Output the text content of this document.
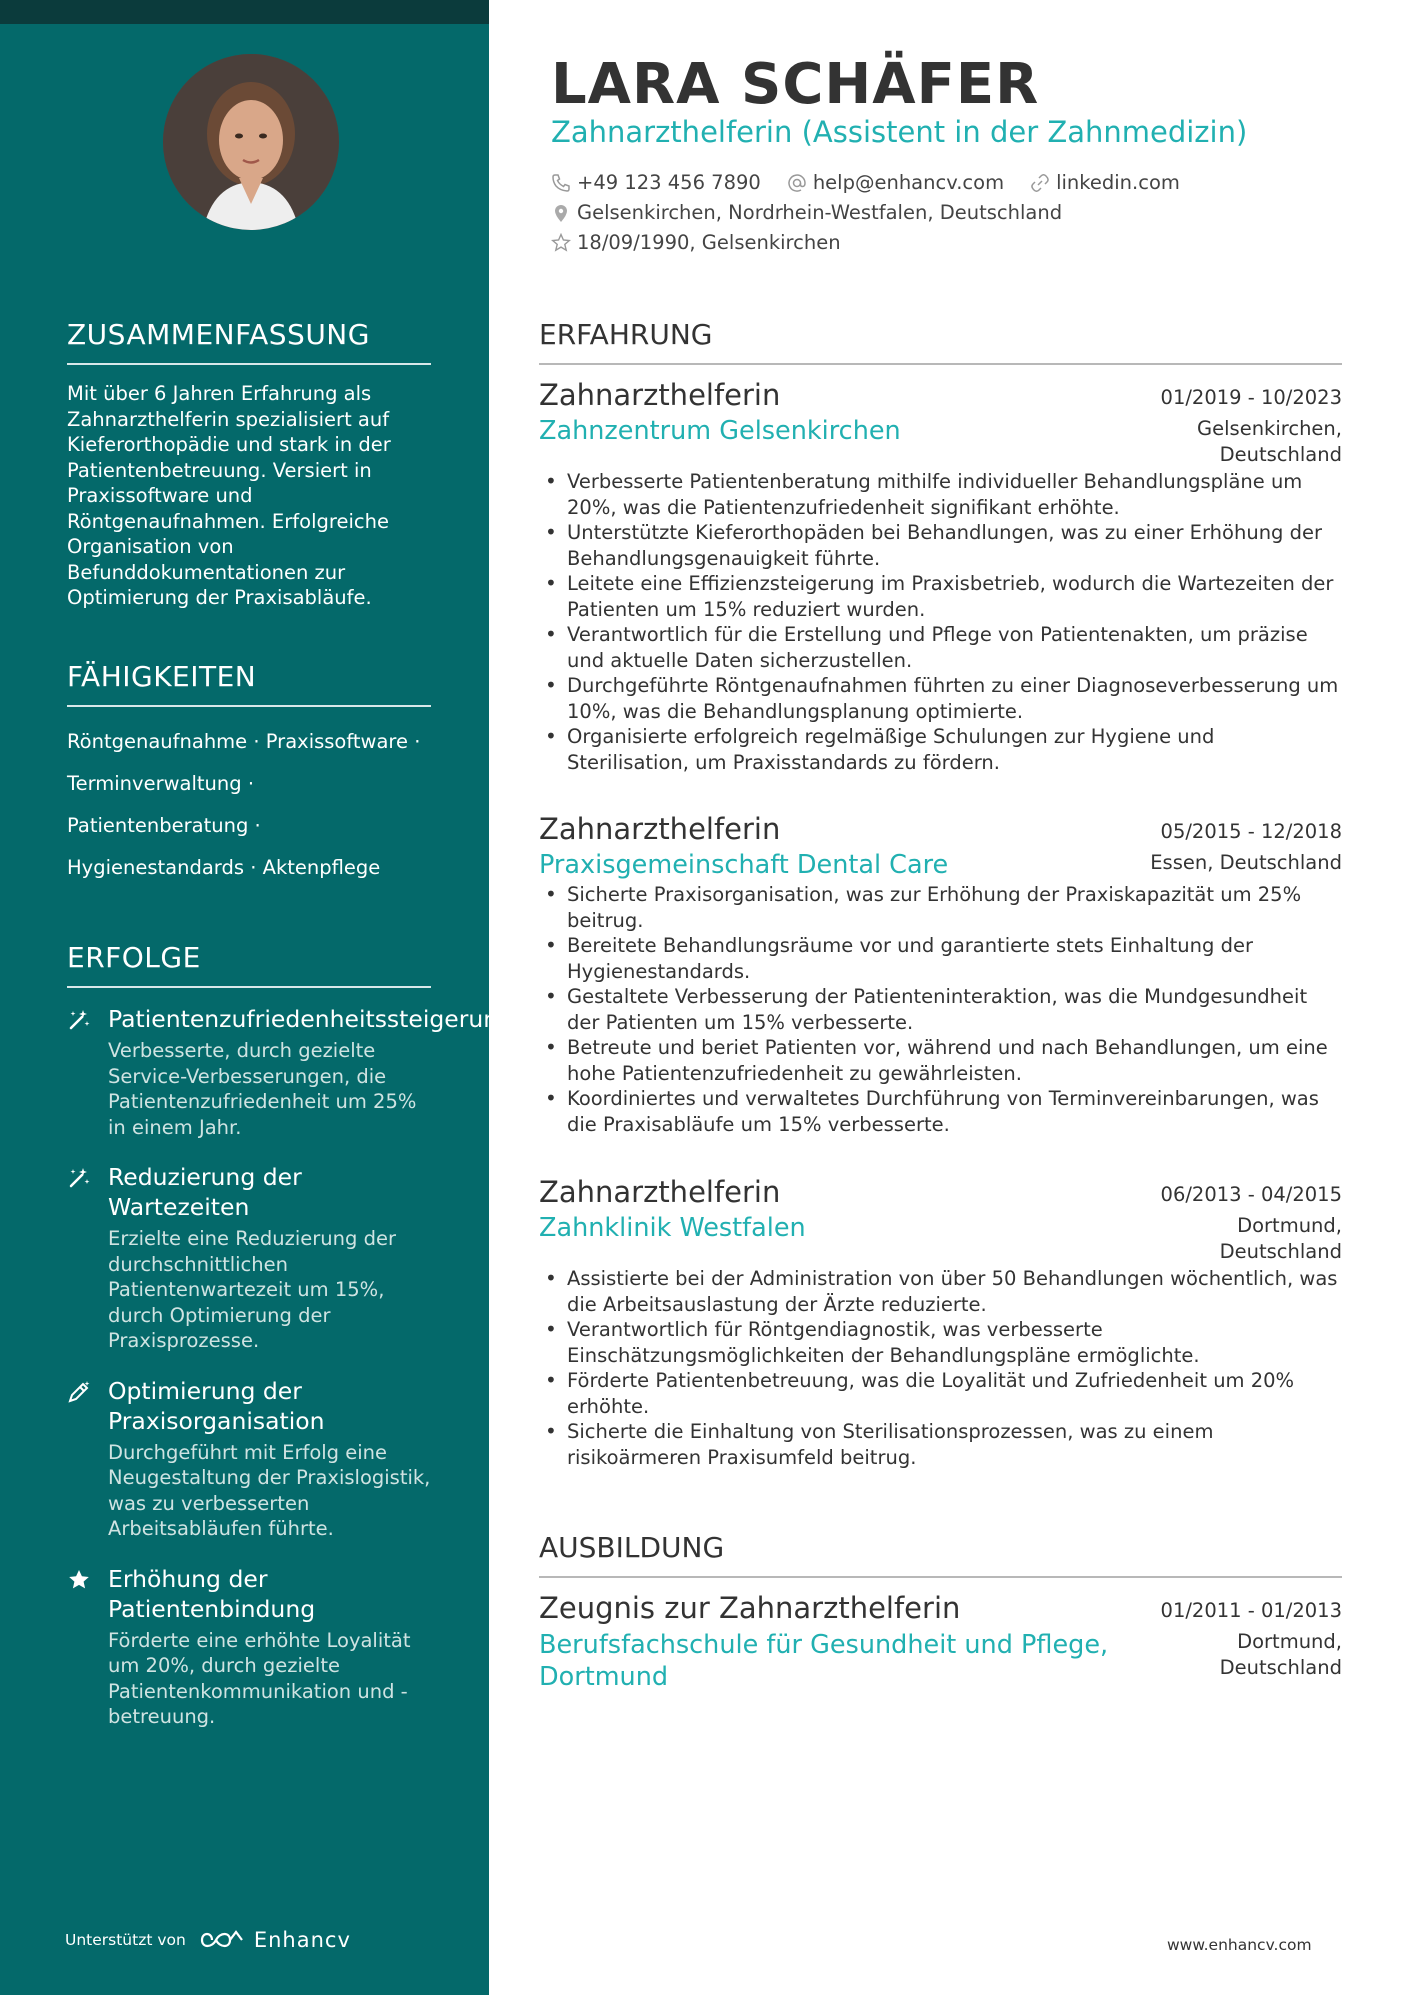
ZUSAMMENFASSUNG
Mit über 6 Jahren Erfahrung als Zahnarzthelferin spezialisiert auf Kieferorthopädie und stark in der Patientenbetreuung. Versiert in Praxissoftware und Röntgenaufnahmen. Erfolgreiche Organisation von Befunddokumentationen zur Optimierung der Praxisabläufe.
FÄHIGKEITEN
Röntgenaufnahme · Praxissoftware ·
Terminverwaltung ·
Patientenberatung ·
Hygienestandards · Aktenpflege
ERFOLGE
Patientenzufriedenheitssteigerung
Verbesserte, durch gezielte Service-Verbesserungen, die Patientenzufriedenheit um 25% in einem Jahr.
Reduzierung der Wartezeiten
Erzielte eine Reduzierung der durchschnittlichen Patientenwartezeit um 15%, durch Optimierung der Praxisprozesse.
Optimierung der Praxisorganisation
Durchgeführt mit Erfolg eine Neugestaltung der Praxislogistik, was zu verbesserten Arbeitsabläufen führte.
Erhöhung der Patientenbindung
Förderte eine erhöhte Loyalität um 20%, durch gezielte Patientenkommunikation und -betreuung.
Unterstützt von	Enhancv
LARA SCHÄFER
Zahnarzthelferin (Assistent in der Zahnmedizin)
+49 123 456 7890	help@enhancv.com	linkedin.com
Gelsenkirchen, Nordrhein-Westfalen, Deutschland
18/09/1990, Gelsenkirchen
ERFAHRUNG
Zahnarzthelferin	01/2019 - 10/2023
Zahnzentrum Gelsenkirchen	Gelsenkirchen,
Deutschland
• Verbesserte Patientenberatung mithilfe individueller Behandlungspläne um 20%, was die Patientenzufriedenheit signifikant erhöhte.
• Unterstützte Kieferorthopäden bei Behandlungen, was zu einer Erhöhung der Behandlungsgenauigkeit führte.
• Leitete eine Effizienzsteigerung im Praxisbetrieb, wodurch die Wartezeiten der Patienten um 15% reduziert wurden.
• Verantwortlich für die Erstellung und Pflege von Patientenakten, um präzise und aktuelle Daten sicherzustellen.
• Durchgeführte Röntgenaufnahmen führten zu einer Diagnoseverbesserung um 10%, was die Behandlungsplanung optimierte.
• Organisierte erfolgreich regelmäßige Schulungen zur Hygiene und Sterilisation, um Praxisstandards zu fördern.
Zahnarzthelferin	05/2015 - 12/2018
Praxisgemeinschaft Dental Care	Essen, Deutschland
• Sicherte Praxisorganisation, was zur Erhöhung der Praxiskapazität um 25% beitrug.
• Bereitete Behandlungsräume vor und garantierte stets Einhaltung der Hygienestandards.
• Gestaltete Verbesserung der Patienteninteraktion, was die Mundgesundheit der Patienten um 15% verbesserte.
• Betreute und beriet Patienten vor, während und nach Behandlungen, um eine hohe Patientenzufriedenheit zu gewährleisten.
• Koordiniertes und verwaltetes Durchführung von Terminvereinbarungen, was die Praxisabläufe um 15% verbesserte.
Zahnarzthelferin	06/2013 - 04/2015
Zahnklinik Westfalen	Dortmund,
Deutschland
• Assistierte bei der Administration von über 50 Behandlungen wöchentlich, was die Arbeitsauslastung der Ärzte reduzierte.
• Verantwortlich für Röntgendiagnostik, was verbesserte Einschätzungsmöglichkeiten der Behandlungspläne ermöglichte.
• Förderte Patientenbetreuung, was die Loyalität und Zufriedenheit um 20% erhöhte.
• Sicherte die Einhaltung von Sterilisationsprozessen, was zu einem risikoärmeren Praxisumfeld beitrug.
AUSBILDUNG
Zeugnis zur Zahnarzthelferin	01/2011 - 01/2013
Berufsfachschule für Gesundheit und Pflege,
Dortmund
Dortmund,
Deutschland
www.enhancv.com
